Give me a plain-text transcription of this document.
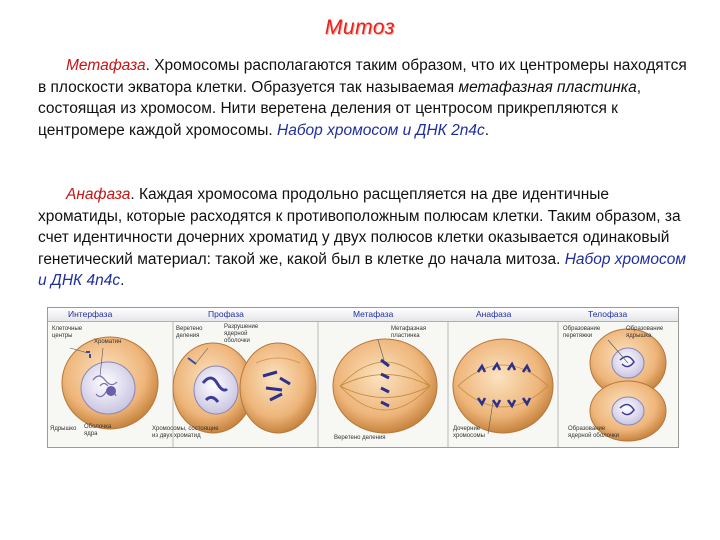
Митоз

Метафаза. Хромосомы располагаются таким образом, что их центромеры находятся в плоскости экватора клетки. Образуется так называемая метафазная пластинка, состоящая из хромосом. Нити веретена деления от центросом прикрепляются к центромере каждой хромосомы. Набор хромосом и ДНК 2n4c.

Анафаза. Каждая хромосома продольно расщепляется на две идентичные хроматиды, которые расходятся к противоположным полюсам клетки. Таким образом, за счет идентичности дочерних хроматид у двух полюсов клетки оказывается одинаковый генетический материал: такой же, какой был в клетке до начала митоза. Набор хромосом и ДНК 4n4c.

Интерфаза	Профаза	Метафаза	Анафаза	Телофаза
Клеточные
центры
Хроматин
Ядрышко Оболочка
ядра
Веретено
деления
Разрушение
ядерной
оболочки
Хромосомы, состоящие
из двух хроматид
Метафазная
пластинка
Веретено деления
Дочерние
хромосомы
Образование
перетяжки
Образование
ядрышка
Образование
ядерной оболочки
